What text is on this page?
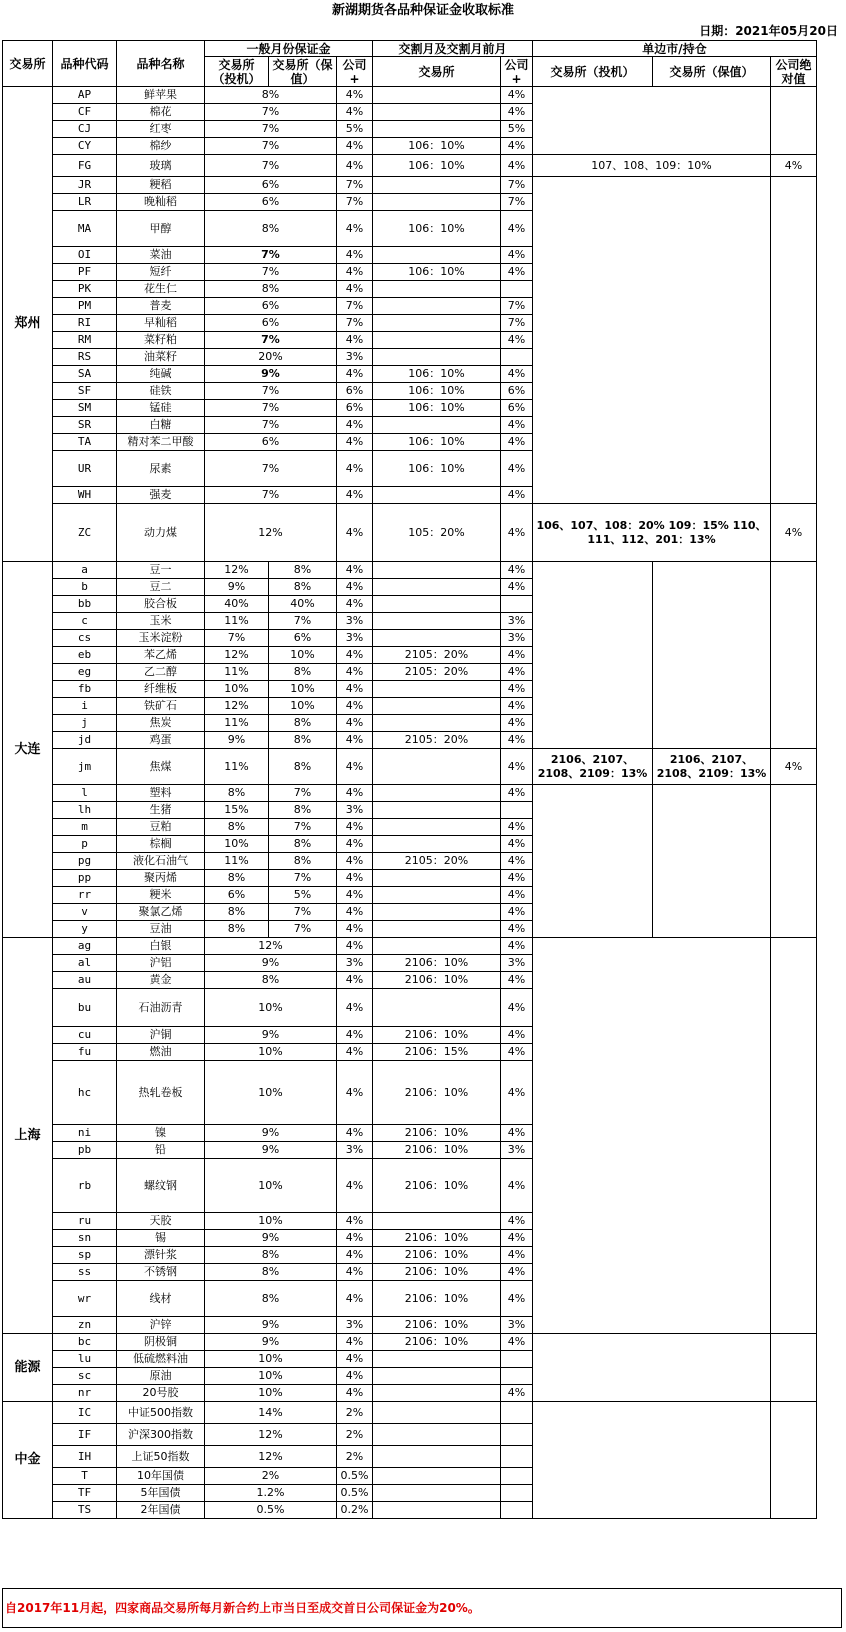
新湖期货各品种保证金收取标准
日期：2021年05月20日
交易所	品种代码	品种名称	一般月份保证金			交割月及交割月前月		单边市/持仓		
			交易所（投机）	交易所（保值）	公司+	交易所	公司+	交易所（投机）	交易所（保值）	公司绝对值
郑州	AP	鲜苹果	8%		4%		4%			
	CF	棉花	7%		4%		4%			
	CJ	红枣	7%		5%		5%			
	CY	棉纱	7%		4%	106：10%	4%			
	FG	玻璃	7%		4%	106：10%	4%	107、108、109：10%		4%
	JR	粳稻	6%		7%		7%			
	LR	晚籼稻	6%		7%		7%			
	MA	甲醇	8%		4%	106：10%	4%			
	OI	菜油	7%		4%		4%			
	PF	短纤	7%		4%	106：10%	4%			
	PK	花生仁	8%		4%					
	PM	普麦	6%		7%		7%			
	RI	早籼稻	6%		7%		7%			
	RM	菜籽粕	7%		4%		4%			
	RS	油菜籽	20%		3%					
	SA	纯碱	9%		4%	106：10%	4%			
	SF	硅铁	7%		6%	106：10%	6%			
	SM	锰硅	7%		6%	106：10%	6%			
	SR	白糖	7%		4%		4%			
	TA	精对苯二甲酸	6%		4%	106：10%	4%			
	UR	尿素	7%		4%	106：10%	4%			
	WH	强麦	7%		4%		4%			
	ZC	动力煤	12%		4%	105：20%	4%	106、107、108：20% 109：15% 110、111、112、201：13%		4%
大连	a	豆一	12%	8%	4%		4%			
	b	豆二	9%	8%	4%		4%			
	bb	胶合板	40%	40%	4%					
	c	玉米	11%	7%	3%		3%			
	cs	玉米淀粉	7%	6%	3%		3%			
	eb	苯乙烯	12%	10%	4%	2105：20%	4%			
	eg	乙二醇	11%	8%	4%	2105：20%	4%			
	fb	纤维板	10%	10%	4%		4%			
	i	铁矿石	12%	10%	4%		4%			
	j	焦炭	11%	8%	4%		4%			
	jd	鸡蛋	9%	8%	4%	2105：20%	4%			
	jm	焦煤	11%	8%	4%		4%	2106、2107、2108、2109：13%	2106、2107、2108、2109：13%	4%
	l	塑料	8%	7%	4%		4%			
	lh	生猪	15%	8%	3%					
	m	豆粕	8%	7%	4%		4%			
	p	棕榈	10%	8%	4%		4%			
	pg	液化石油气	11%	8%	4%	2105：20%	4%			
	pp	聚丙烯	8%	7%	4%		4%			
	rr	粳米	6%	5%	4%		4%			
	v	聚氯乙烯	8%	7%	4%		4%			
	y	豆油	8%	7%	4%		4%			
上海	ag	白银	12%		4%		4%			
	al	沪铝	9%		3%	2106：10%	3%			
	au	黄金	8%		4%	2106：10%	4%			
	bu	石油沥青	10%		4%		4%			
	cu	沪铜	9%		4%	2106：10%	4%			
	fu	燃油	10%		4%	2106：15%	4%			
	hc	热轧卷板	10%		4%	2106：10%	4%			
	ni	镍	9%		4%	2106：10%	4%			
	pb	铅	9%		3%	2106：10%	3%			
	rb	螺纹钢	10%		4%	2106：10%	4%			
	ru	天胶	10%		4%		4%			
	sn	锡	9%		4%	2106：10%	4%			
	sp	漂针浆	8%		4%	2106：10%	4%			
	ss	不锈钢	8%		4%	2106：10%	4%			
	wr	线材	8%		4%	2106：10%	4%			
	zn	沪锌	9%		3%	2106：10%	3%			
能源	bc	阴极铜	9%		4%	2106：10%	4%			
	lu	低硫燃料油	10%		4%					
	sc	原油	10%		4%					
	nr	20号胶	10%		4%		4%			
中金	IC	中证500指数	14%		2%					
	IF	沪深300指数	12%		2%					
	IH	上证50指数	12%		2%					
	T	10年国债	2%		0.5%					
	TF	5年国债	1.2%		0.5%					
	TS	2年国债	0.5%		0.2%					
自2017年11月起，四家商品交易所每月新合约上市当日至成交首日公司保证金为20%。
